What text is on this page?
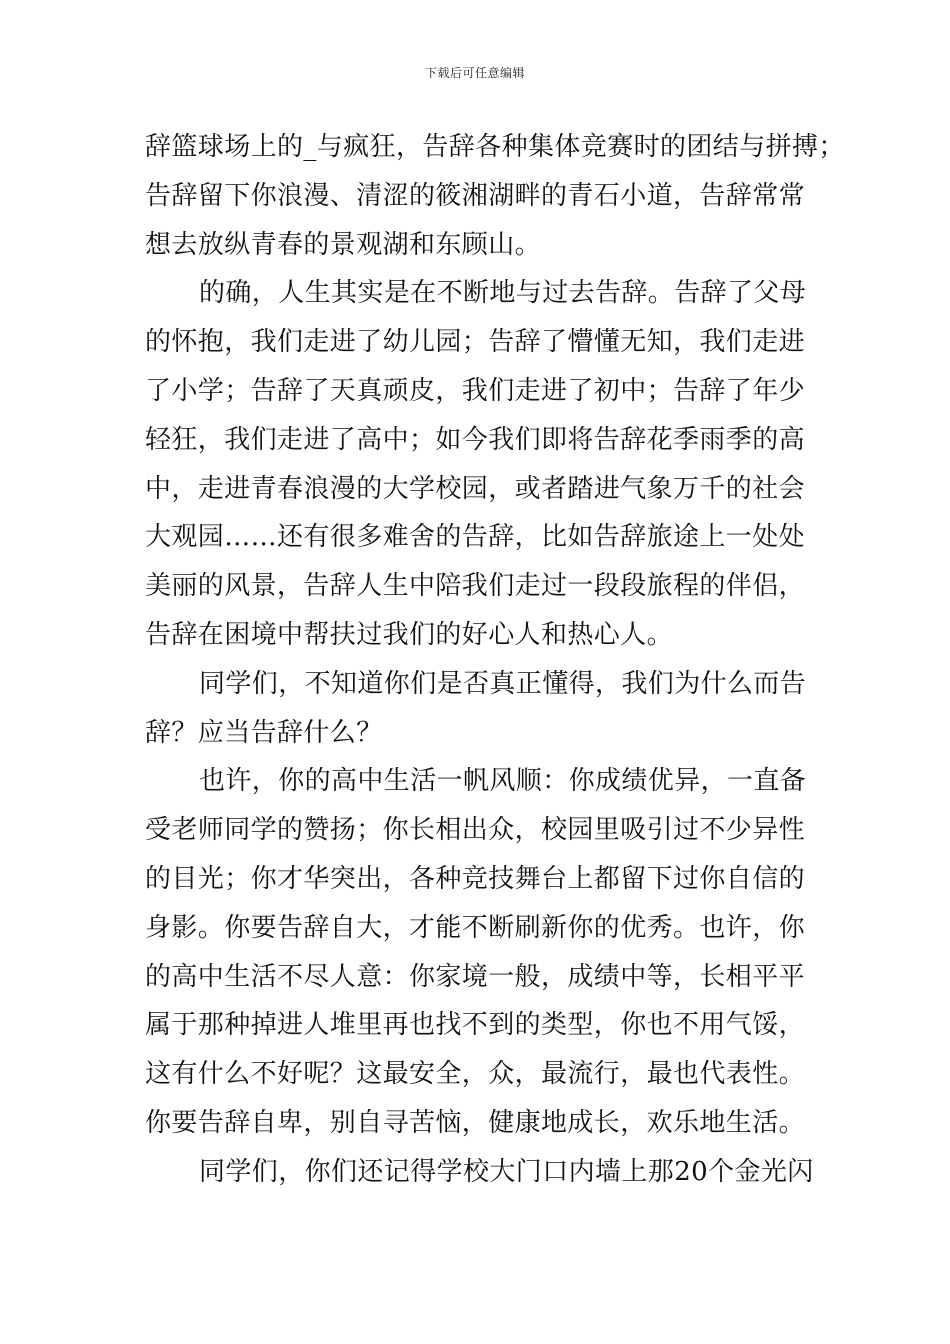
下载后可任意编辑
辞篮球场上的_与疯狂，告辞各种集体竞赛时的团结与拼搏；
告辞留下你浪漫、清涩的筱湘湖畔的青石小道，告辞常常
想去放纵青春的景观湖和东顾山。
的确，人生其实是在不断地与过去告辞。告辞了父母
的怀抱，我们走进了幼儿园；告辞了懵懂无知，我们走进
了小学；告辞了天真顽皮，我们走进了初中；告辞了年少
轻狂，我们走进了高中；如今我们即将告辞花季雨季的高
中，走进青春浪漫的大学校园，或者踏进气象万千的社会
大观园……还有很多难舍的告辞，比如告辞旅途上一处处
美丽的风景，告辞人生中陪我们走过一段段旅程的伴侣，
告辞在困境中帮扶过我们的好心人和热心人。
同学们，不知道你们是否真正懂得，我们为什么而告
辞？应当告辞什么？
也许，你的高中生活一帆风顺：你成绩优异，一直备
受老师同学的赞扬；你长相出众，校园里吸引过不少异性
的目光；你才华突出，各种竞技舞台上都留下过你自信的
身影。你要告辞自大，才能不断刷新你的优秀。也许，你
的高中生活不尽人意：你家境一般，成绩中等，长相平平
属于那种掉进人堆里再也找不到的类型，你也不用气馁，
这有什么不好呢？这最安全，众，最流行，最也代表性。
你要告辞自卑，别自寻苦恼，健康地成长，欢乐地生活。
同学们，你们还记得学校大门口内墙上那20个金光闪
